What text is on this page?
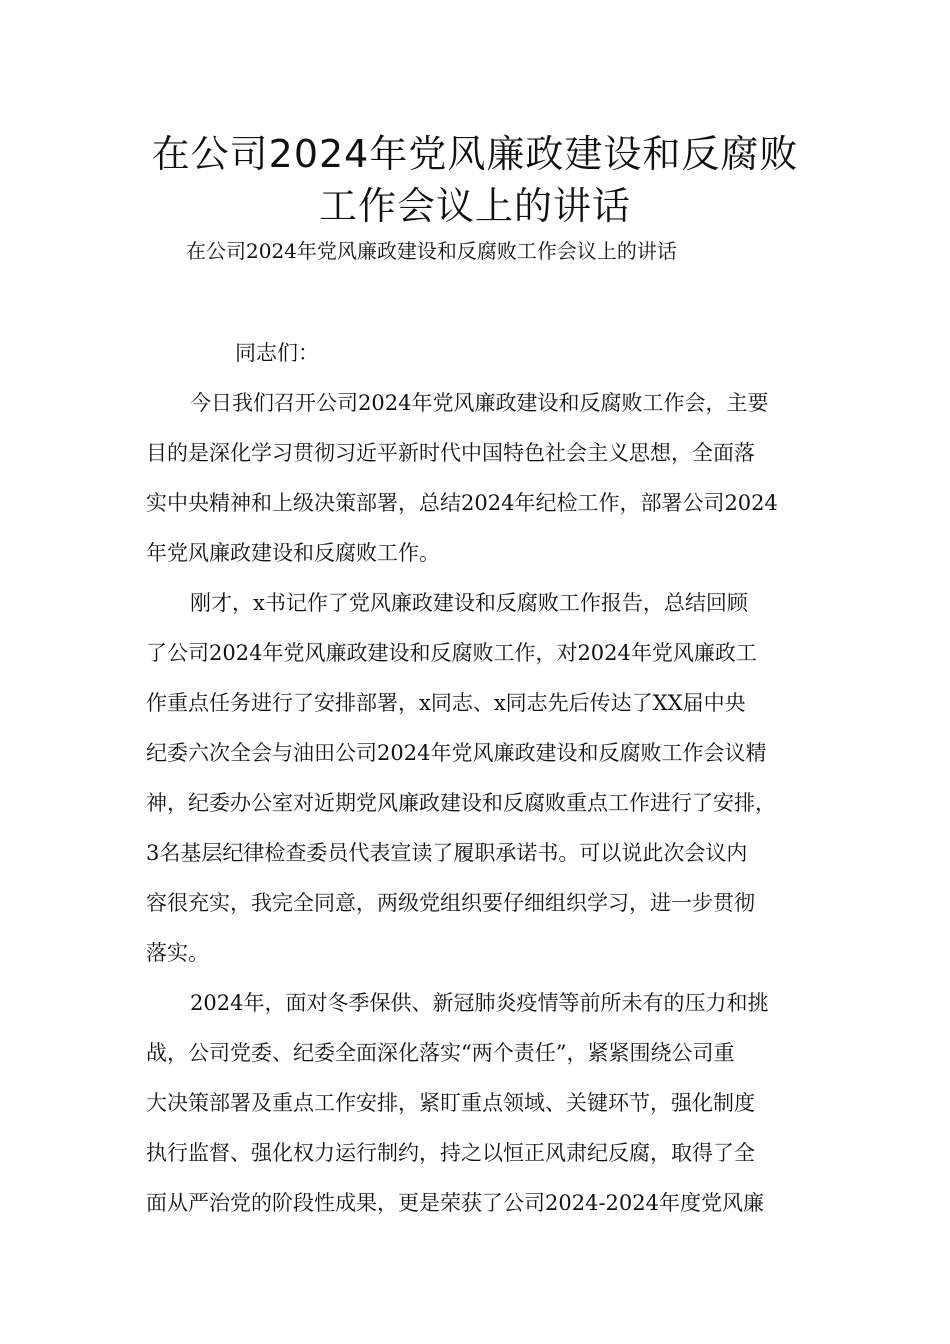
在公司2024年党风廉政建设和反腐败
工作会议上的讲话
在公司2024年党风廉政建设和反腐败工作会议上的讲话
同志们：
今日我们召开公司2024年党风廉政建设和反腐败工作会，主要
目的是深化学习贯彻习近平新时代中国特色社会主义思想，全面落
实中央精神和上级决策部署，总结2024年纪检工作，部署公司2024
年党风廉政建设和反腐败工作。
刚才，x书记作了党风廉政建设和反腐败工作报告，总结回顾
了公司2024年党风廉政建设和反腐败工作，对2024年党风廉政工
作重点任务进行了安排部署，x同志、x同志先后传达了XX届中央
纪委六次全会与油田公司2024年党风廉政建设和反腐败工作会议精
神，纪委办公室对近期党风廉政建设和反腐败重点工作进行了安排，
3名基层纪律检查委员代表宣读了履职承诺书。可以说此次会议内
容很充实，我完全同意，两级党组织要仔细组织学习，进一步贯彻
落实。
2024年，面对冬季保供、新冠肺炎疫情等前所未有的压力和挑
战，公司党委、纪委全面深化落实“两个责任”，紧紧围绕公司重
大决策部署及重点工作安排，紧盯重点领域、关键环节，强化制度
执行监督、强化权力运行制约，持之以恒正风肃纪反腐，取得了全
面从严治党的阶段性成果，更是荣获了公司2024-2024年度党风廉
